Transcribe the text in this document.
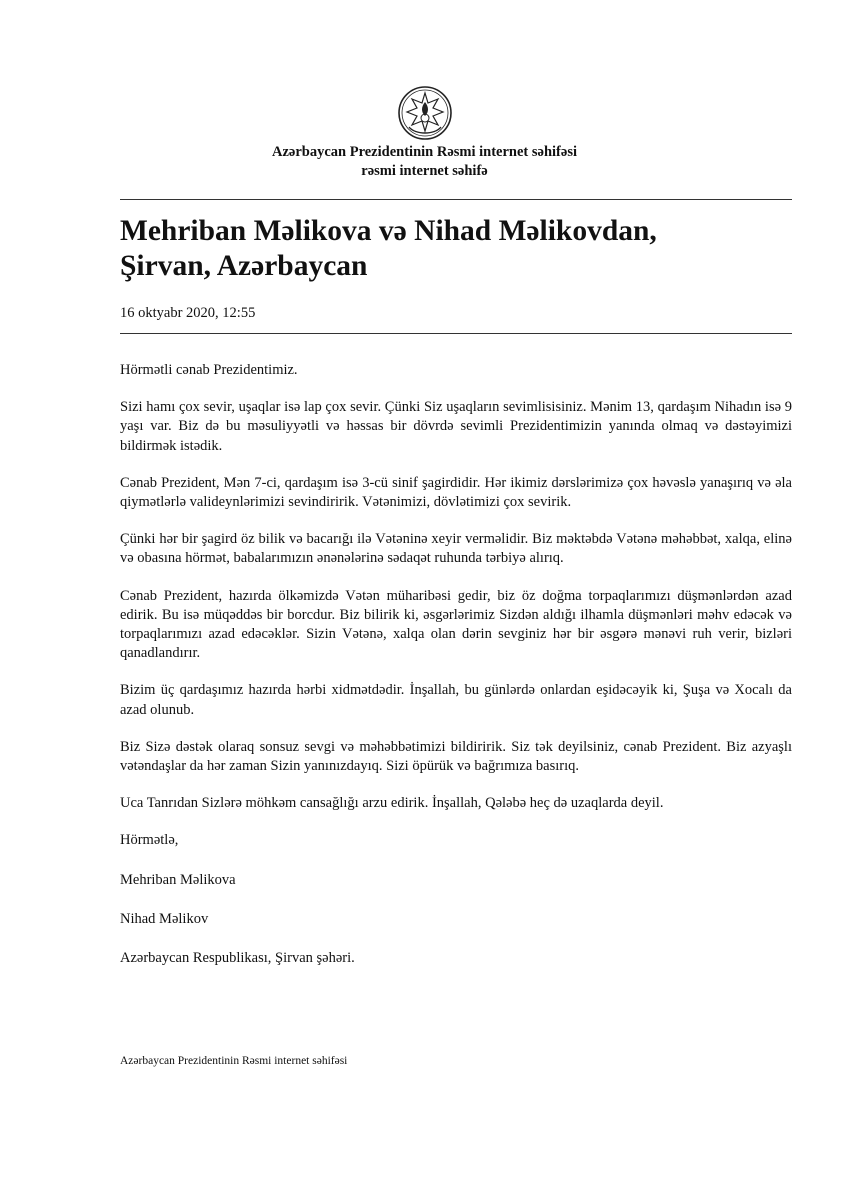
Azərbaycan Prezidentinin Rəsmi internet səhifəsi
rəsmi internet səhifə
Mehriban Məlikova və Nihad Məlikovdan,
Şirvan, Azərbaycan
16 oktyabr 2020, 12:55

Hörmətli cənab Prezidentimiz.

Sizi hamı çox sevir, uşaqlar isə lap çox sevir. Çünki Siz uşaqların sevimlisisiniz. Mənim 13, qardaşım Nihadın isə 9 yaşı var. Biz də bu məsuliyyətli və həssas bir dövrdə sevimli Prezidentimizin yanında olmaq və dəstəyimizi bildirmək istədik.

Cənab Prezident, Mən 7-ci, qardaşım isə 3-cü sinif şagirdidir. Hər ikimiz dərslərimizə çox həvəslə yanaşırıq və əla qiymətlərlə valideynlərimizi sevindiririk. Vətənimizi, dövlətimizi çox sevirik.

Çünki hər bir şagird öz bilik və bacarığı ilə Vətəninə xeyir verməlidir. Biz məktəbdə Vətənə məhəbbət, xalqa, elinə və obasına hörmət, babalarımızın ənənələrinə sədaqət ruhunda tərbiyə alırıq.

Cənab Prezident, hazırda ölkəmizdə Vətən müharibəsi gedir, biz öz doğma torpaqlarımızı düşmənlərdən azad edirik. Bu isə müqəddəs bir borcdur. Biz bilirik ki, əsgərlərimiz Sizdən aldığı ilhamla düşmənləri məhv edəcək və torpaqlarımızı azad edəcəklər. Sizin Vətənə, xalqa olan dərin sevginiz hər bir əsgərə mənəvi ruh verir, bizləri qanadlandırır.

Bizim üç qardaşımız hazırda hərbi xidmətdədir. İnşallah, bu günlərdə onlardan eşidəcəyik ki, Şuşa və Xocalı da azad olunub.

Biz Sizə dəstək olaraq sonsuz sevgi və məhəbbətimizi bildiririk. Siz tək deyilsiniz, cənab Prezident. Biz azyaşlı vətəndaşlar da hər zaman Sizin yanınızdayıq. Sizi öpürük və bağrımıza basırıq.

Uca Tanrıdan Sizlərə möhkəm cansağlığı arzu edirik. İnşallah, Qələbə heç də uzaqlarda deyil.

Hörmətlə,

Mehriban Məlikova

Nihad Məlikov

Azərbaycan Respublikası, Şirvan şəhəri.

Azərbaycan Prezidentinin Rəsmi internet səhifəsi
